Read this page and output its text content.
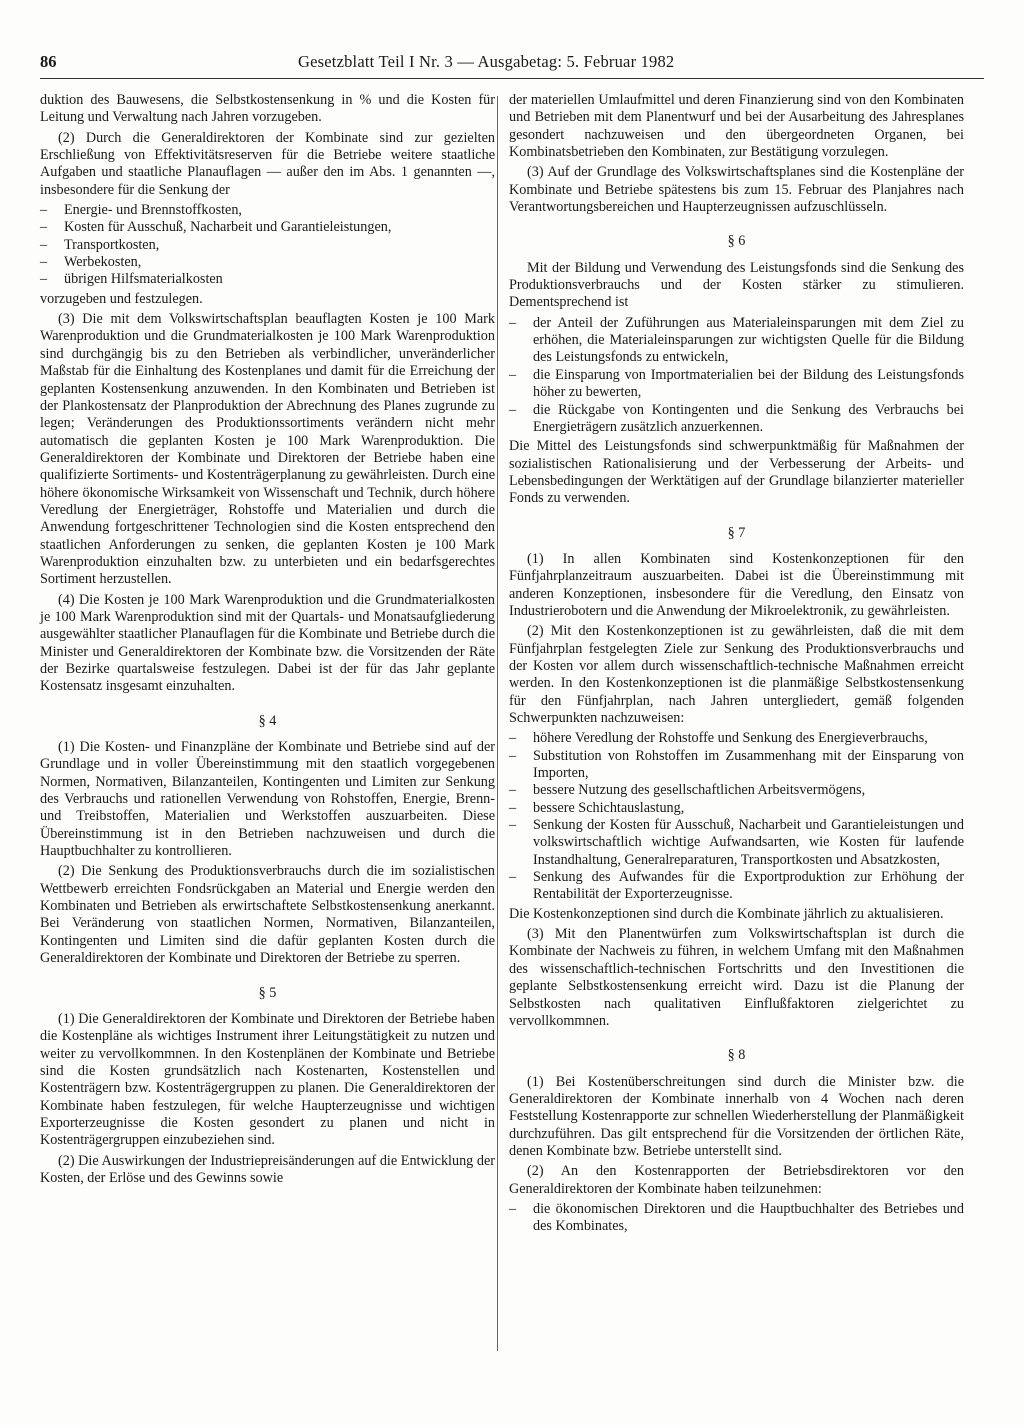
86	Gesetzblatt Teil I Nr. 3 — Ausgabetag: 5. Februar 1982

duktion des Bauwesens, die Selbstkostensenkung in % und die Kosten für Leitung und Verwaltung nach Jahren vorzugeben.

(2) Durch die Generaldirektoren der Kombinate sind zur gezielten Erschließung von Effektivitätsreserven für die Betriebe weitere staatliche Aufgaben und staatliche Planauflagen — außer den im Abs. 1 genannten —, insbesondere für die Senkung der

– Energie- und Brennstoffkosten,
– Kosten für Ausschuß, Nacharbeit und Garantieleistungen,
– Transportkosten,
– Werbekosten,
– übrigen Hilfsmaterialkosten

vorzugeben und festzulegen.

(3) Die mit dem Volkswirtschaftsplan beauflagten Kosten je 100 Mark Warenproduktion und die Grundmaterialkosten je 100 Mark Warenproduktion sind durchgängig bis zu den Betrieben als verbindlicher, unveränderlicher Maßstab für die Einhaltung des Kostenplanes und damit für die Erreichung der geplanten Kostensenkung anzuwenden. In den Kombinaten und Betrieben ist der Plankostensatz der Planproduktion der Abrechnung des Planes zugrunde zu legen; Veränderungen des Produktionssortiments verändern nicht mehr automatisch die geplanten Kosten je 100 Mark Warenproduktion. Die Generaldirektoren der Kombinate und Direktoren der Betriebe haben eine qualifizierte Sortiments- und Kostenträgerplanung zu gewährleisten. Durch eine höhere ökonomische Wirksamkeit von Wissenschaft und Technik, durch höhere Veredlung der Energieträger, Rohstoffe und Materialien und durch die Anwendung fortgeschrittener Technologien sind die Kosten entsprechend den staatlichen Anforderungen zu senken, die geplanten Kosten je 100 Mark Warenproduktion einzuhalten bzw. zu unterbieten und ein bedarfsgerechtes Sortiment herzustellen.

(4) Die Kosten je 100 Mark Warenproduktion und die Grundmaterialkosten je 100 Mark Warenproduktion sind mit der Quartals- und Monatsaufgliederung ausgewählter staatlicher Planauflagen für die Kombinate und Betriebe durch die Minister und Generaldirektoren der Kombinate bzw. die Vorsitzenden der Räte der Bezirke quartalsweise festzulegen. Dabei ist der für das Jahr geplante Kostensatz insgesamt einzuhalten.

§ 4

(1) Die Kosten- und Finanzpläne der Kombinate und Betriebe sind auf der Grundlage und in voller Übereinstimmung mit den staatlich vorgegebenen Normen, Normativen, Bilanzanteilen, Kontingenten und Limiten zur Senkung des Verbrauchs und rationellen Verwendung von Rohstoffen, Energie, Brenn- und Treibstoffen, Materialien und Werkstoffen auszuarbeiten. Diese Übereinstimmung ist in den Betrieben nachzuweisen und durch die Hauptbuchhalter zu kontrollieren.

(2) Die Senkung des Produktionsverbrauchs durch die im sozialistischen Wettbewerb erreichten Fondsrückgaben an Material und Energie werden den Kombinaten und Betrieben als erwirtschaftete Selbstkostensenkung anerkannt. Bei Veränderung von staatlichen Normen, Normativen, Bilanzanteilen, Kontingenten und Limiten sind die dafür geplanten Kosten durch die Generaldirektoren der Kombinate und Direktoren der Betriebe zu sperren.

§ 5

(1) Die Generaldirektoren der Kombinate und Direktoren der Betriebe haben die Kostenpläne als wichtiges Instrument ihrer Leitungstätigkeit zu nutzen und weiter zu vervollkommnen. In den Kostenplänen der Kombinate und Betriebe sind die Kosten grundsätzlich nach Kostenarten, Kostenstellen und Kostenträgern bzw. Kostenträgergruppen zu planen. Die Generaldirektoren der Kombinate haben festzulegen, für welche Haupterzeugnisse und wichtigen Exporterzeugnisse die Kosten gesondert zu planen und nicht in Kostenträgergruppen einzubeziehen sind.

(2) Die Auswirkungen der Industriepreisänderungen auf die Entwicklung der Kosten, der Erlöse und des Gewinns sowie

der materiellen Umlaufmittel und deren Finanzierung sind von den Kombinaten und Betrieben mit dem Planentwurf und bei der Ausarbeitung des Jahresplanes gesondert nachzuweisen und den übergeordneten Organen, bei Kombinatsbetrieben den Kombinaten, zur Bestätigung vorzulegen.

(3) Auf der Grundlage des Volkswirtschaftsplanes sind die Kostenpläne der Kombinate und Betriebe spätestens bis zum 15. Februar des Planjahres nach Verantwortungsbereichen und Haupterzeugnissen aufzuschlüsseln.

§ 6

Mit der Bildung und Verwendung des Leistungsfonds sind die Senkung des Produktionsverbrauchs und der Kosten stärker zu stimulieren. Dementsprechend ist

– der Anteil der Zuführungen aus Materialeinsparungen mit dem Ziel zu erhöhen, die Materialeinsparungen zur wichtigsten Quelle für die Bildung des Leistungsfonds zu entwickeln,
– die Einsparung von Importmaterialien bei der Bildung des Leistungsfonds höher zu bewerten,
– die Rückgabe von Kontingenten und die Senkung des Verbrauchs bei Energieträgern zusätzlich anzuerkennen.

Die Mittel des Leistungsfonds sind schwerpunktmäßig für Maßnahmen der sozialistischen Rationalisierung und der Verbesserung der Arbeits- und Lebensbedingungen der Werktätigen auf der Grundlage bilanzierter materieller Fonds zu verwenden.

§ 7

(1) In allen Kombinaten sind Kostenkonzeptionen für den Fünfjahrplanzeitraum auszuarbeiten. Dabei ist die Übereinstimmung mit anderen Konzeptionen, insbesondere für die Veredlung, den Einsatz von Industrierobotern und die Anwendung der Mikroelektronik, zu gewährleisten.

(2) Mit den Kostenkonzeptionen ist zu gewährleisten, daß die mit dem Fünfjahrplan festgelegten Ziele zur Senkung des Produktionsverbrauchs und der Kosten vor allem durch wissenschaftlich-technische Maßnahmen erreicht werden. In den Kostenkonzeptionen ist die planmäßige Selbstkostensenkung für den Fünfjahrplan, nach Jahren untergliedert, gemäß folgenden Schwerpunkten nachzuweisen:

– höhere Veredlung der Rohstoffe und Senkung des Energieverbrauchs,
– Substitution von Rohstoffen im Zusammenhang mit der Einsparung von Importen,
– bessere Nutzung des gesellschaftlichen Arbeitsvermögens,
– bessere Schichtauslastung,
– Senkung der Kosten für Ausschuß, Nacharbeit und Garantieleistungen und volkswirtschaftlich wichtige Aufwandsarten, wie Kosten für laufende Instandhaltung, Generalreparaturen, Transportkosten und Absatzkosten,
– Senkung des Aufwandes für die Exportproduktion zur Erhöhung der Rentabilität der Exporterzeugnisse.

Die Kostenkonzeptionen sind durch die Kombinate jährlich zu aktualisieren.

(3) Mit den Planentwürfen zum Volkswirtschaftsplan ist durch die Kombinate der Nachweis zu führen, in welchem Umfang mit den Maßnahmen des wissenschaftlich-technischen Fortschritts und den Investitionen die geplante Selbstkostensenkung erreicht wird. Dazu ist die Planung der Selbstkosten nach qualitativen Einflußfaktoren zielgerichtet zu vervollkommnen.

§ 8

(1) Bei Kostenüberschreitungen sind durch die Minister bzw. die Generaldirektoren der Kombinate innerhalb von 4 Wochen nach deren Feststellung Kostenrapporte zur schnellen Wiederherstellung der Planmäßigkeit durchzuführen. Das gilt entsprechend für die Vorsitzenden der örtlichen Räte, denen Kombinate bzw. Betriebe unterstellt sind.

(2) An den Kostenrapporten der Betriebsdirektoren vor den Generaldirektoren der Kombinate haben teilzunehmen:

– die ökonomischen Direktoren und die Hauptbuchhalter des Betriebes und des Kombinates,
